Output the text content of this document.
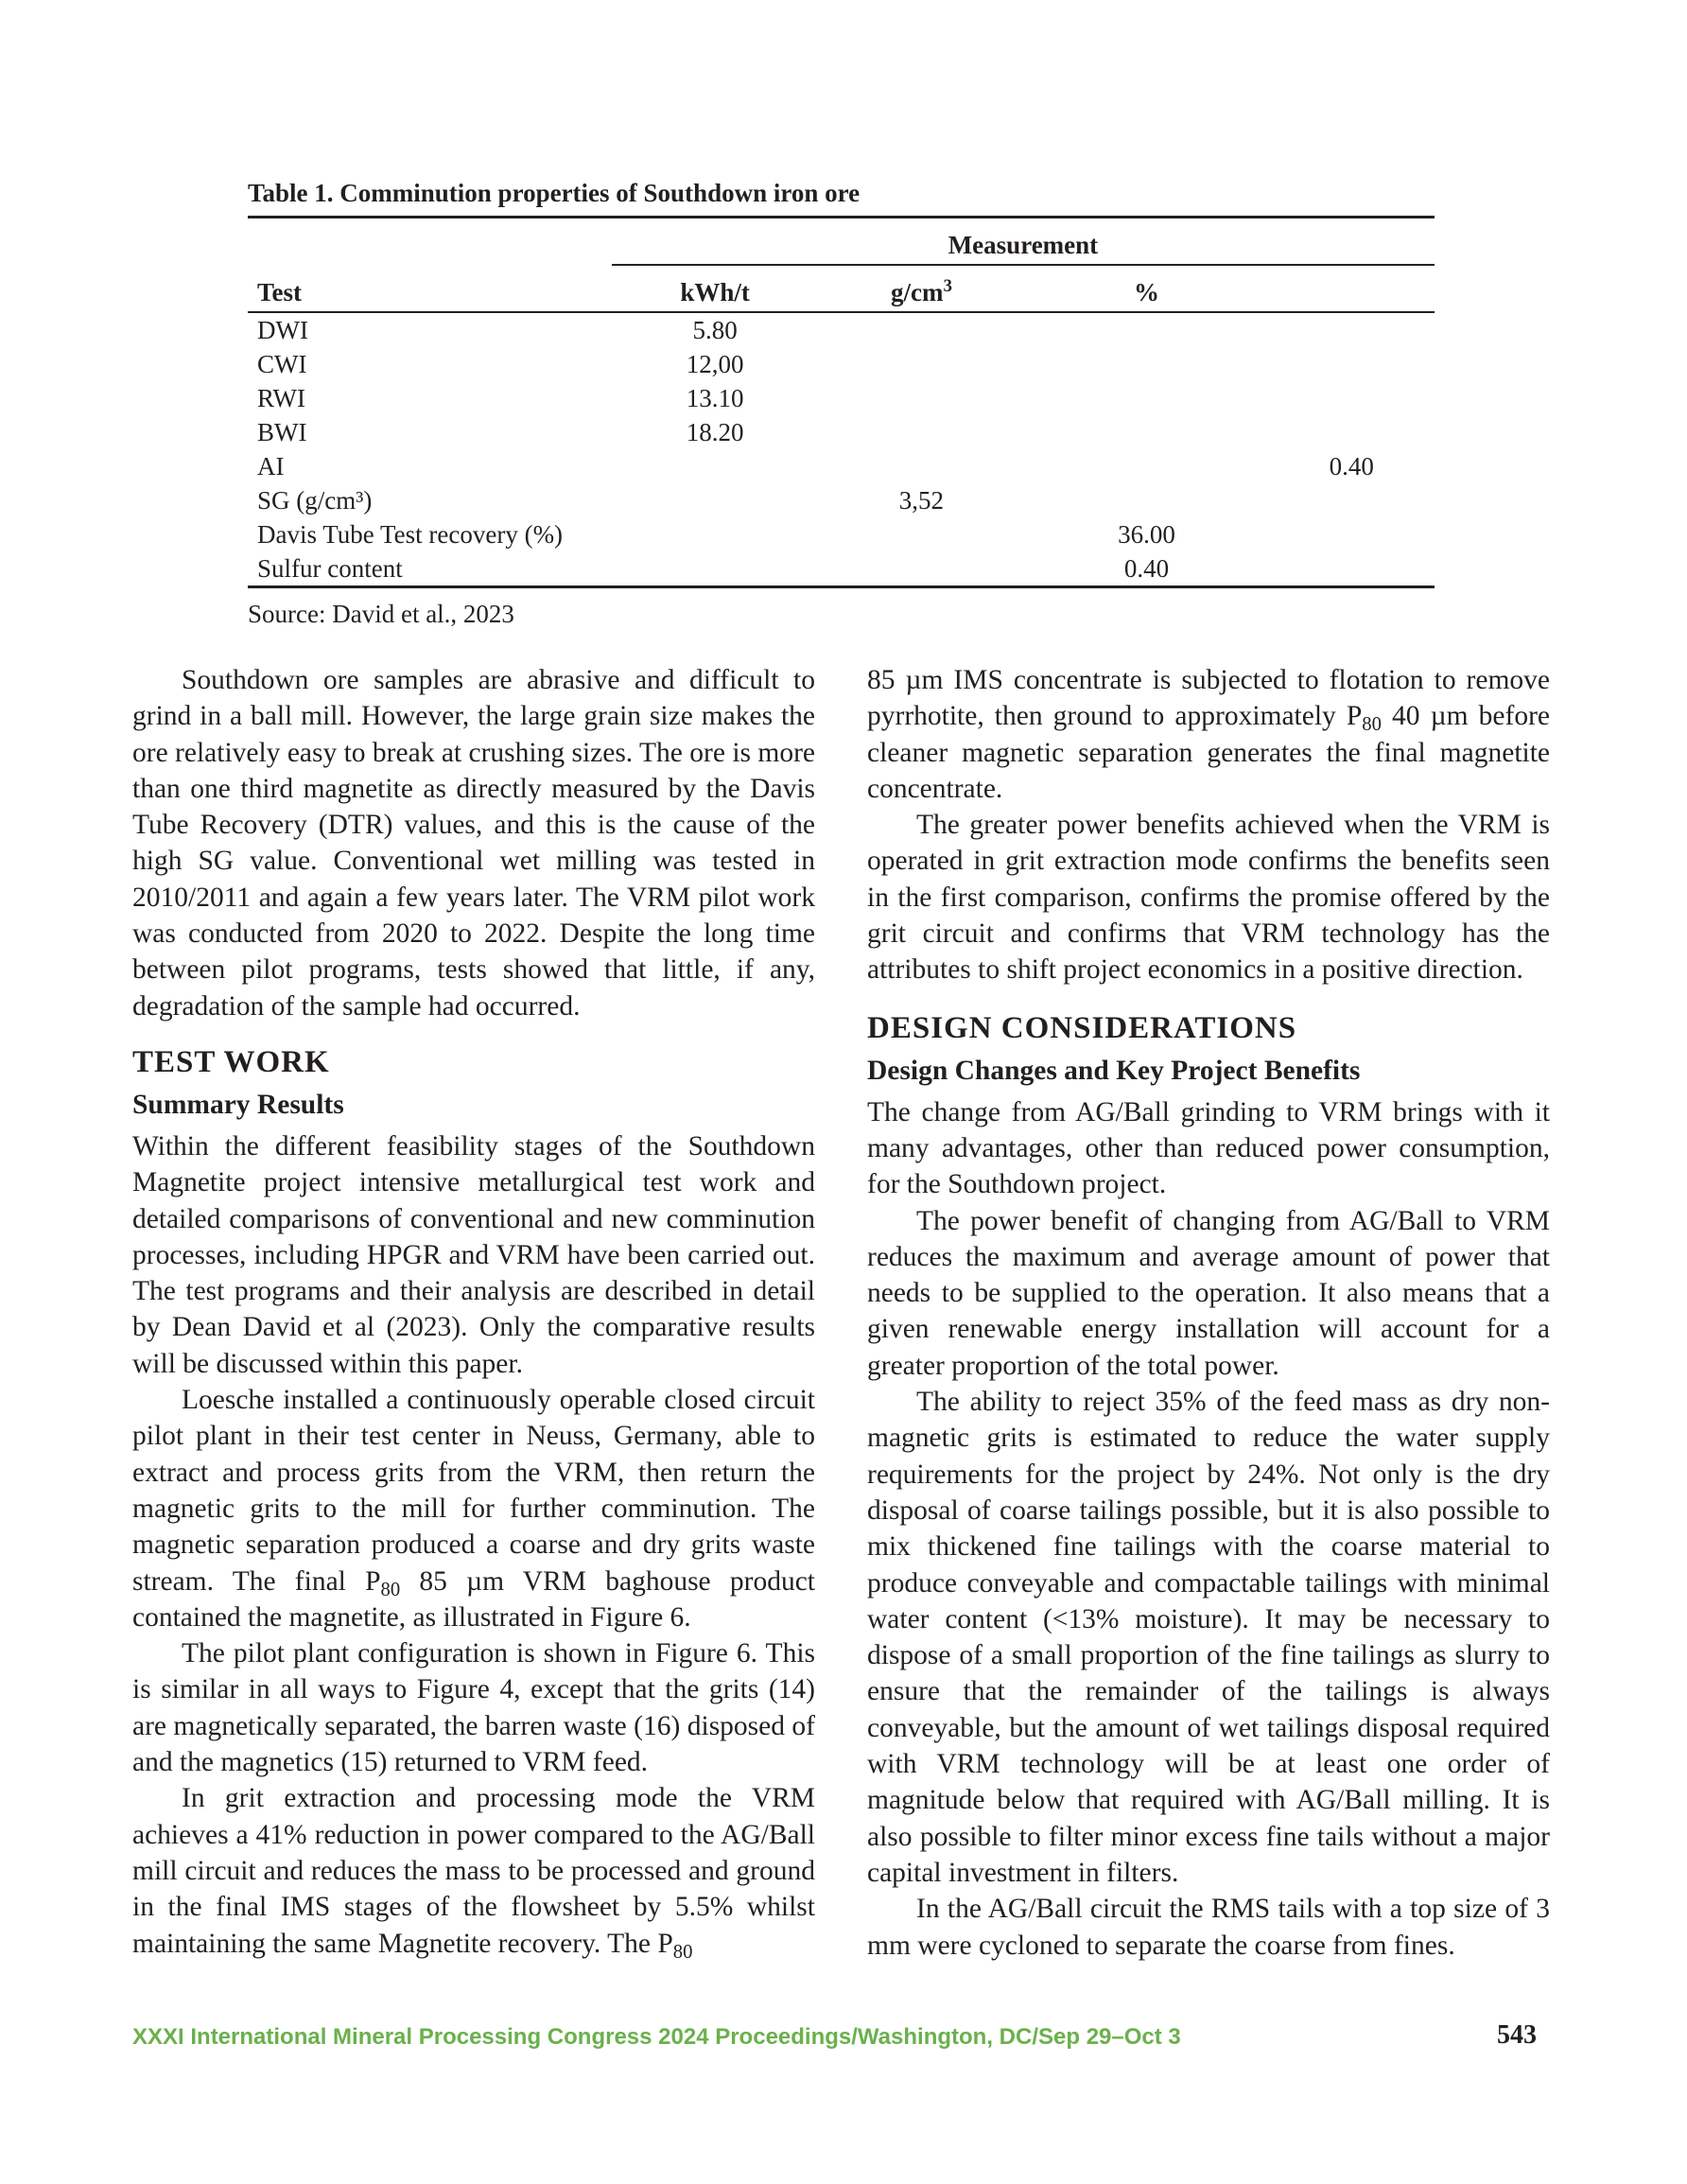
Table 1. Comminution properties of Southdown iron ore
	Measurement			
Test	kWh/t	$g/cm^3$	%	
DWI	5.80			
CWI	12,00			
RWI	13.10			
BWI	18.20			
AI				0.40
SG (g/cm³)		3,52		
Davis Tube Test recovery (%)			36.00	
Sulfur content			0.40	
Source: David et al., 2023

Southdown ore samples are abrasive and difficult to grind in a ball mill. However, the large grain size makes the ore relatively easy to break at crushing sizes. The ore is more than one third magnetite as directly measured by the Davis Tube Recovery (DTR) values, and this is the cause of the high SG value. Conventional wet milling was tested in 2010/2011 and again a few years later. The VRM pilot work was conducted from 2020 to 2022. Despite the long time between pilot programs, tests showed that little, if any, degradation of the sample had occurred.

TEST WORK
Summary Results

Within the different feasibility stages of the Southdown Magnetite project intensive metallurgical test work and detailed comparisons of conventional and new comminution processes, including HPGR and VRM have been carried out. The test programs and their analysis are described in detail by Dean David et al (2023). Only the comparative results will be discussed within this paper.

Loesche installed a continuously operable closed circuit pilot plant in their test center in Neuss, Germany, able to extract and process grits from the VRM, then return the magnetic grits to the mill for further comminution. The magnetic separation produced a coarse and dry grits waste stream. The final $P_{80}$ 85 µm VRM baghouse product contained the magnetite, as illustrated in Figure 6.

The pilot plant configuration is shown in Figure 6. This is similar in all ways to Figure 4, except that the grits (14) are magnetically separated, the barren waste (16) disposed of and the magnetics (15) returned to VRM feed.

In grit extraction and processing mode the VRM achieves a 41% reduction in power compared to the AG/Ball mill circuit and reduces the mass to be processed and ground in the final IMS stages of the flowsheet by 5.5% whilst maintaining the same Magnetite recovery. The $P_{80}$

85 µm IMS concentrate is subjected to flotation to remove pyrrhotite, then ground to approximately $P_{80}$ 40 µm before cleaner magnetic separation generates the final magnetite concentrate.

The greater power benefits achieved when the VRM is operated in grit extraction mode confirms the benefits seen in the first comparison, confirms the promise offered by the grit circuit and confirms that VRM technology has the attributes to shift project economics in a positive direction.

DESIGN CONSIDERATIONS
Design Changes and Key Project Benefits

The change from AG/Ball grinding to VRM brings with it many advantages, other than reduced power consumption, for the Southdown project.

The power benefit of changing from AG/Ball to VRM reduces the maximum and average amount of power that needs to be supplied to the operation. It also means that a given renewable energy installation will account for a greater proportion of the total power.

The ability to reject 35% of the feed mass as dry non-magnetic grits is estimated to reduce the water supply requirements for the project by 24%. Not only is the dry disposal of coarse tailings possible, but it is also possible to mix thickened fine tailings with the coarse material to produce conveyable and compactable tailings with minimal water content (<13% moisture). It may be necessary to dispose of a small proportion of the fine tailings as slurry to ensure that the remainder of the tailings is always conveyable, but the amount of wet tailings disposal required with VRM technology will be at least one order of magnitude below that required with AG/Ball milling. It is also possible to filter minor excess fine tails without a major capital investment in filters.

In the AG/Ball circuit the RMS tails with a top size of 3 mm were cycloned to separate the coarse from fines.

XXXI International Mineral Processing Congress 2024 Proceedings/Washington, DC/Sep 29–Oct 3	543
